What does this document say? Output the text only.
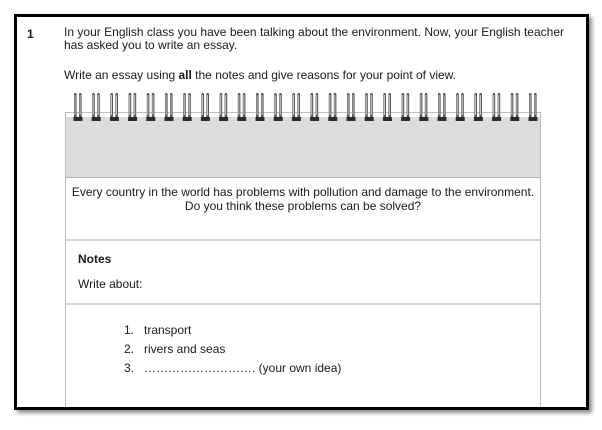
1	In your English class you have been talking about the environment. Now, your English teacher has asked you to write an essay.
Write an essay using all the notes and give reasons for your point of view.
Every country in the world has problems with pollution and damage to the environment.
Do you think these problems can be solved?
Notes
Write about:
1. transport
2. rivers and seas
3. ………………………. (your own idea)
